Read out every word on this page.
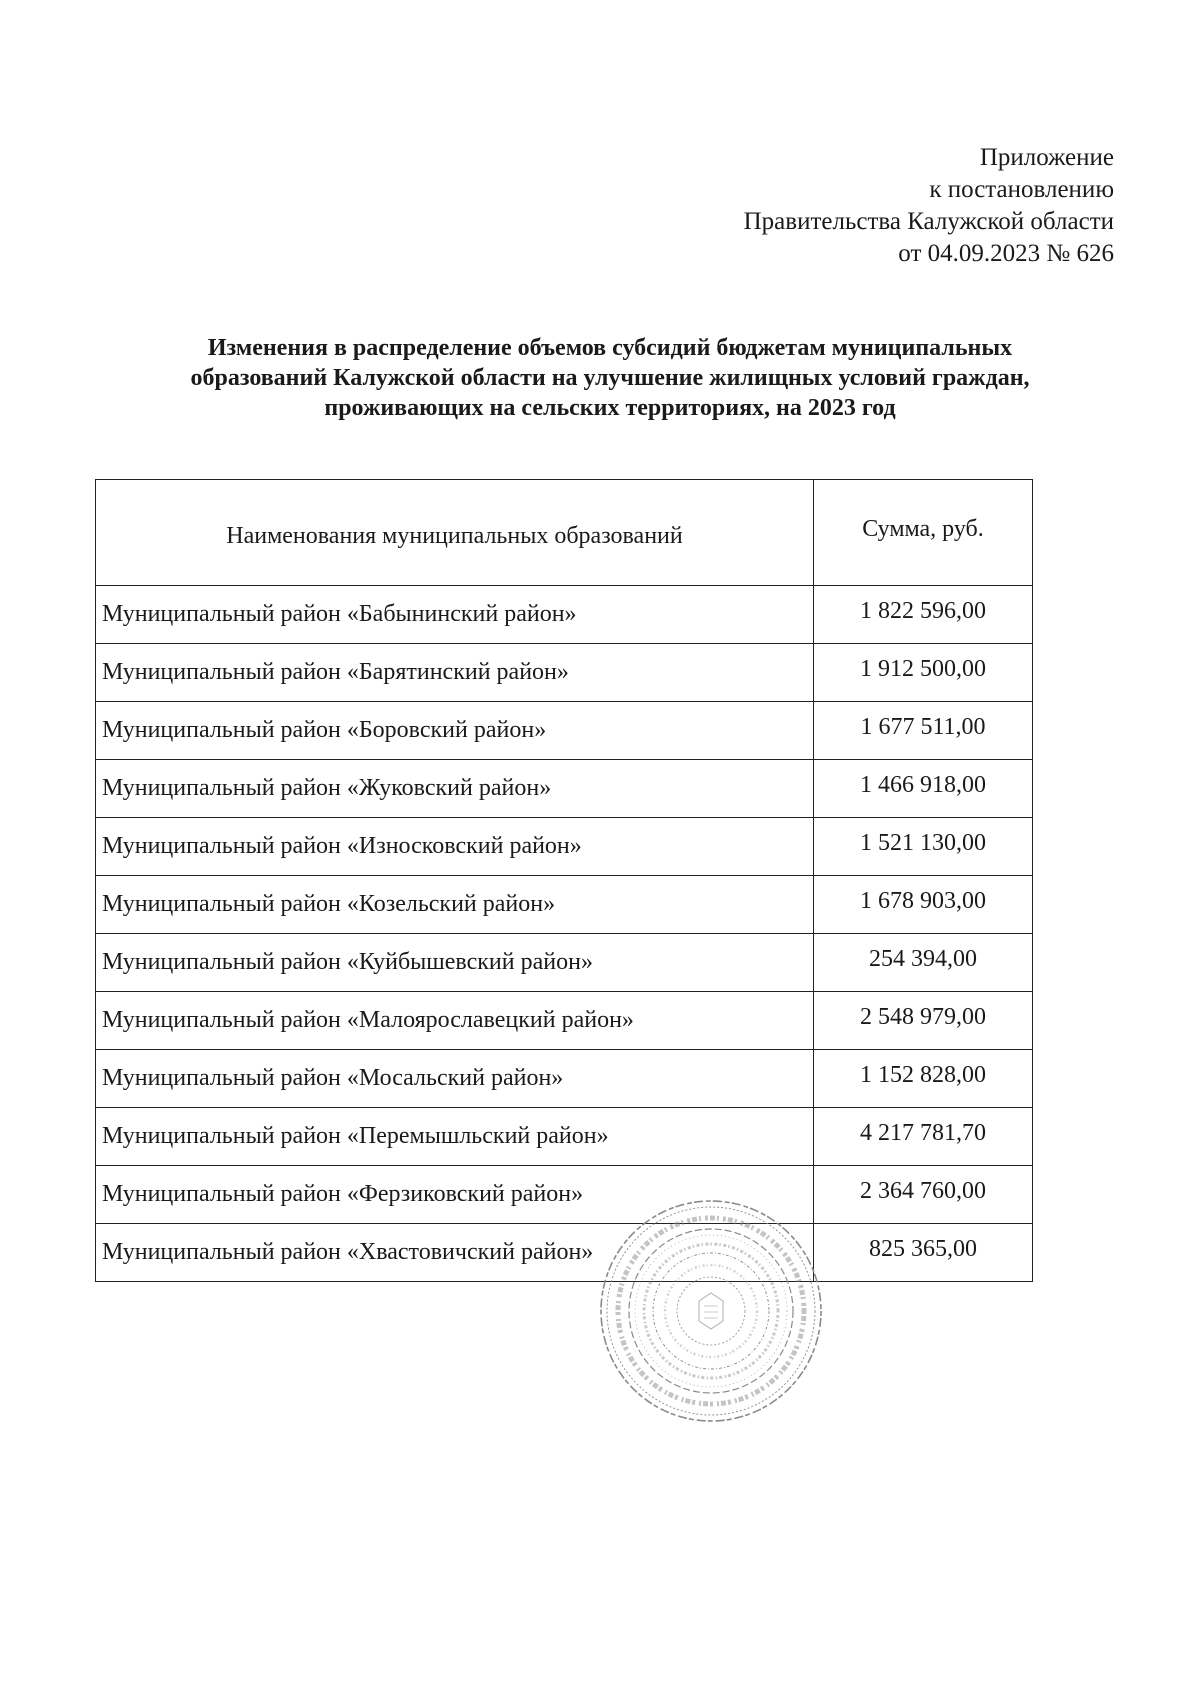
Приложение
к постановлению
Правительства Калужской области
от 04.09.2023 № 626
Изменения в распределение объемов субсидий бюджетам муниципальных
образований Калужской области на улучшение жилищных условий граждан,
проживающих на сельских территориях, на 2023 год
Наименования муниципальных образований	Сумма, руб.
Муниципальный район «Бабынинский район»	1 822 596,00
Муниципальный район «Барятинский район»	1 912 500,00
Муниципальный район «Боровский район»	1 677 511,00
Муниципальный район «Жуковский район»	1 466 918,00
Муниципальный район «Износковский район»	1 521 130,00
Муниципальный район «Козельский район»	1 678 903,00
Муниципальный район «Куйбышевский район»	254 394,00
Муниципальный район «Малоярославецкий район»	2 548 979,00
Муниципальный район «Мосальский район»	1 152 828,00
Муниципальный район «Перемышльский район»	4 217 781,70
Муниципальный район «Ферзиковский район»	2 364 760,00
Муниципальный район «Хвастовичский район»	825 365,00
